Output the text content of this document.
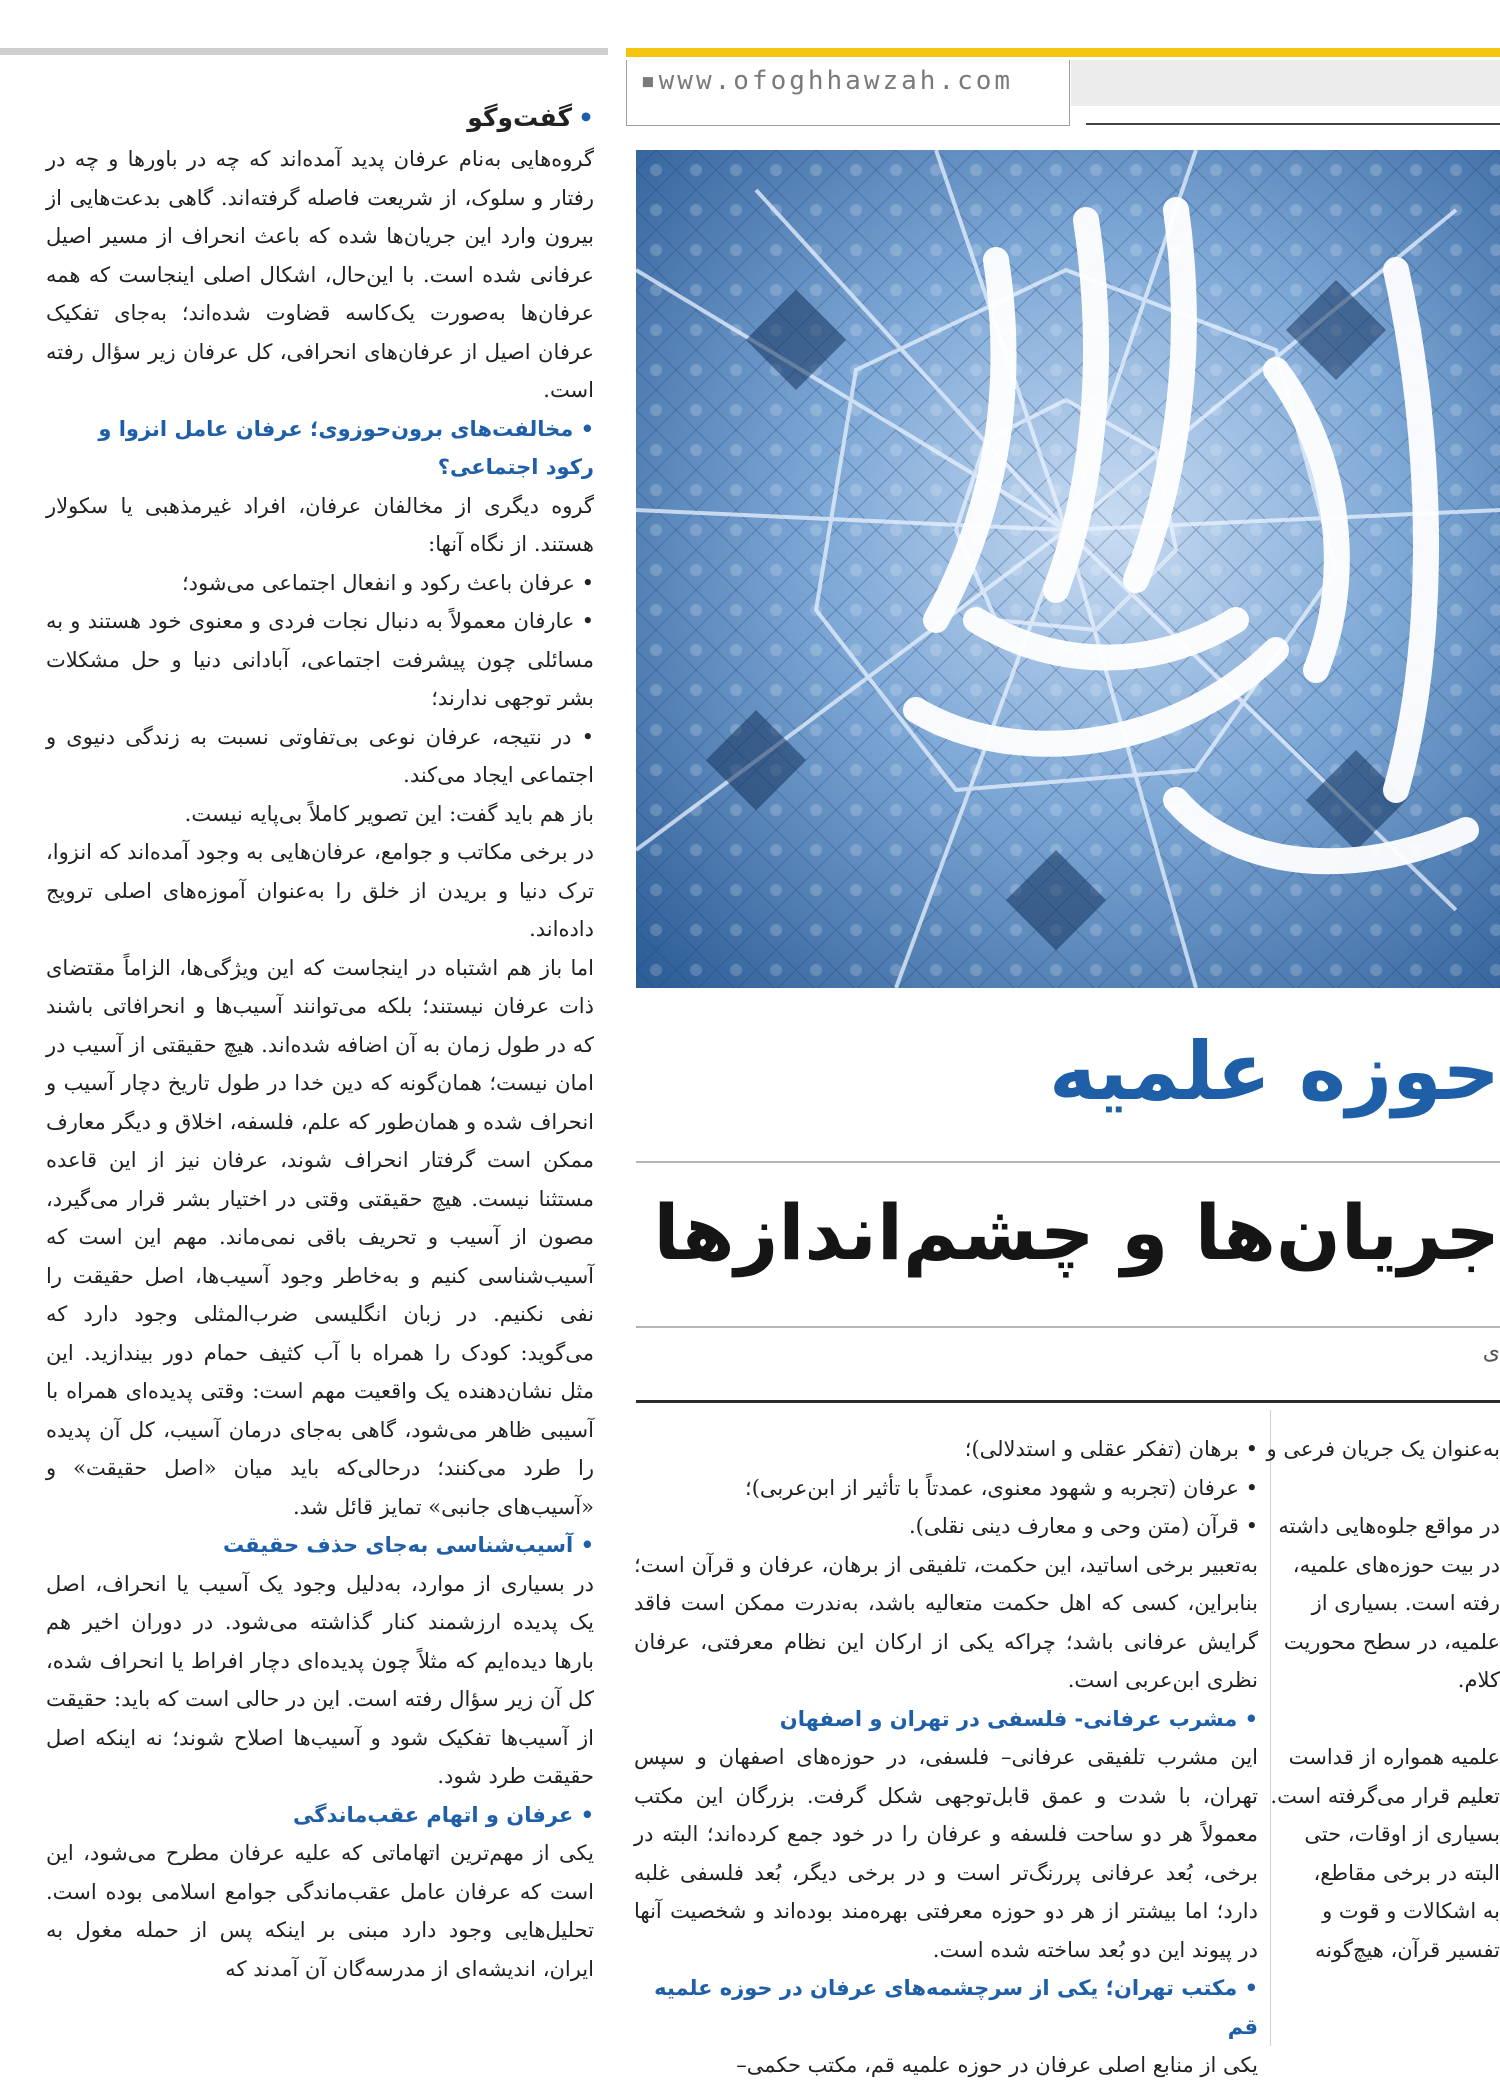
▪www.ofoghhawzah.com
•گفت‌وگو

گروه‌هایی به‌نام عرفان پدید آمده‌اند که چه در باورها و چه در رفتار و سلوک، از شریعت فاصله گرفته‌اند. گاهی بدعت‌هایی از بیرون وارد این جریان‌ها شده که باعث انحراف از مسیر اصیل عرفانی شده است. با این‌حال، اشکال اصلی اینجاست که همه عرفان‌ها به‌صورت یک‌کاسه قضاوت شده‌اند؛ به‌جای تفکیک عرفان اصیل از عرفان‌های انحرافی، کل عرفان زیر سؤال رفته است.

• مخالفت‌های برون‌حوزوی؛ عرفان عامل انزوا و رکود اجتماعی؟

گروه دیگری از مخالفان عرفان، افراد غیرمذهبی یا سکولار هستند. از نگاه آنها:

• عرفان باعث رکود و انفعال اجتماعی می‌شود؛

• عارفان معمولاً به دنبال نجات فردی و معنوی خود هستند و به مسائلی چون پیشرفت اجتماعی، آبادانی دنیا و حل مشکلات بشر توجهی ندارند؛

• در نتیجه، عرفان نوعی بی‌تفاوتی نسبت به زندگی دنیوی و اجتماعی ایجاد می‌کند.

باز هم باید گفت: این تصویر کاملاً بی‌پایه نیست.

در برخی مکاتب و جوامع، عرفان‌هایی به وجود آمده‌اند که انزوا، ترک دنیا و بریدن از خلق را به‌عنوان آموزه‌های اصلی ترویج داده‌اند.

اما باز هم اشتباه در اینجاست که این ویژگی‌ها، الزاماً مقتضای ذات عرفان نیستند؛ بلکه می‌توانند آسیب‌ها و انحرافاتی باشند که در طول زمان به آن اضافه شده‌اند. هیچ حقیقتی از آسیب در امان نیست؛ همان‌گونه که دین خدا در طول تاریخ دچار آسیب و انحراف شده و همان‌طور که علم، فلسفه، اخلاق و دیگر معارف ممکن است گرفتار انحراف شوند، عرفان نیز از این قاعده مستثنا نیست. هیچ حقیقتی وقتی در اختیار بشر قرار می‌گیرد، مصون از آسیب و تحریف باقی نمی‌ماند. مهم این است که آسیب‌شناسی کنیم و به‌خاطر وجود آسیب‌ها، اصل حقیقت را نفی نکنیم. در زبان انگلیسی ضرب‌المثلی وجود دارد که می‌گوید: کودک را همراه با آب کثیف حمام دور بیندازید. این مثل نشان‌دهنده یک واقعیت مهم است: وقتی پدیده‌ای همراه با آسیبی ظاهر می‌شود، گاهی به‌جای درمان آسیب، کل آن پدیده را طرد می‌کنند؛ درحالی‌که باید میان «اصل حقیقت» و «آسیب‌های جانبی» تمایز قائل شد.

• آسیب‌شناسی به‌جای حذف حقیقت

در بسیاری از موارد، به‌دلیل وجود یک آسیب یا انحراف، اصل یک پدیده ارزشمند کنار گذاشته می‌شود. در دوران اخیر هم بارها دیده‌ایم که مثلاً چون پدیده‌ای دچار افراط یا انحراف شده، کل آن زیر سؤال رفته است. این در حالی است که باید: حقیقت از آسیب‌ها تفکیک شود و آسیب‌ها اصلاح شوند؛ نه اینکه اصل حقیقت طرد شود.

• عرفان و اتهام عقب‌ماندگی

یکی از مهم‌ترین اتهاماتی که علیه عرفان مطرح می‌شود، این است که عرفان عامل عقب‌ماندگی جوامع اسلامی بوده است. تحلیل‌هایی وجود دارد مبنی بر اینکه پس از حمله مغول به ایران، اندیشه‌ای از مدرسه‌گان آن آمدند که

حوزه علمیه
جریان‌ها و چشم‌اندازها
ی

• برهان (تفکر عقلی و استدلالی)؛

• عرفان (تجربه و شهود معنوی، عمدتاً با تأثیر از ابن‌عربی)؛

• قرآن (متن وحی و معارف دینی نقلی).

به‌تعبیر برخی اساتید، این حکمت، تلفیقی از برهان، عرفان و قرآن است؛ بنابراین، کسی که اهل حکمت متعالیه باشد، به‌ندرت ممکن است فاقد گرایش عرفانی باشد؛ چراکه یکی از ارکان این نظام معرفتی، عرفان نظری ابن‌عربی است.

• مشرب عرفانی- فلسفی در تهران و اصفهان

این مشرب تلفیقی عرفانی– فلسفی، در حوزه‌های اصفهان و سپس تهران، با شدت و عمق قابل‌توجهی شکل گرفت. بزرگان این مکتب معمولاً هر دو ساحت فلسفه و عرفان را در خود جمع کرده‌اند؛ البته در برخی، بُعد عرفانی پررنگ‌تر است و در برخی دیگر، بُعد فلسفی غلبه دارد؛ اما بیشتر از هر دو حوزه معرفتی بهره‌مند بوده‌اند و شخصیت آنها در پیوند این دو بُعد ساخته شده است.

• مکتب تهران؛ یکی از سرچشمه‌های عرفان در حوزه علمیه قم

یکی از منابع اصلی عرفان در حوزه علمیه قم، مکتب حکمی–

به‌عنوان یک جریان فرعی و

در مواقع جلوه‌هایی داشته

در بیت حوزه‌های علمیه،

رفته است. بسیاری از

علمیه، در سطح محوریت

کلام.

علمیه همواره از قداست

تعلیم قرار می‌گرفته است.

بسیاری از اوقات، حتی

البته در برخی مقاطع،

به اشکالات و قوت و

تفسیر قرآن، هیچ‌گونه
